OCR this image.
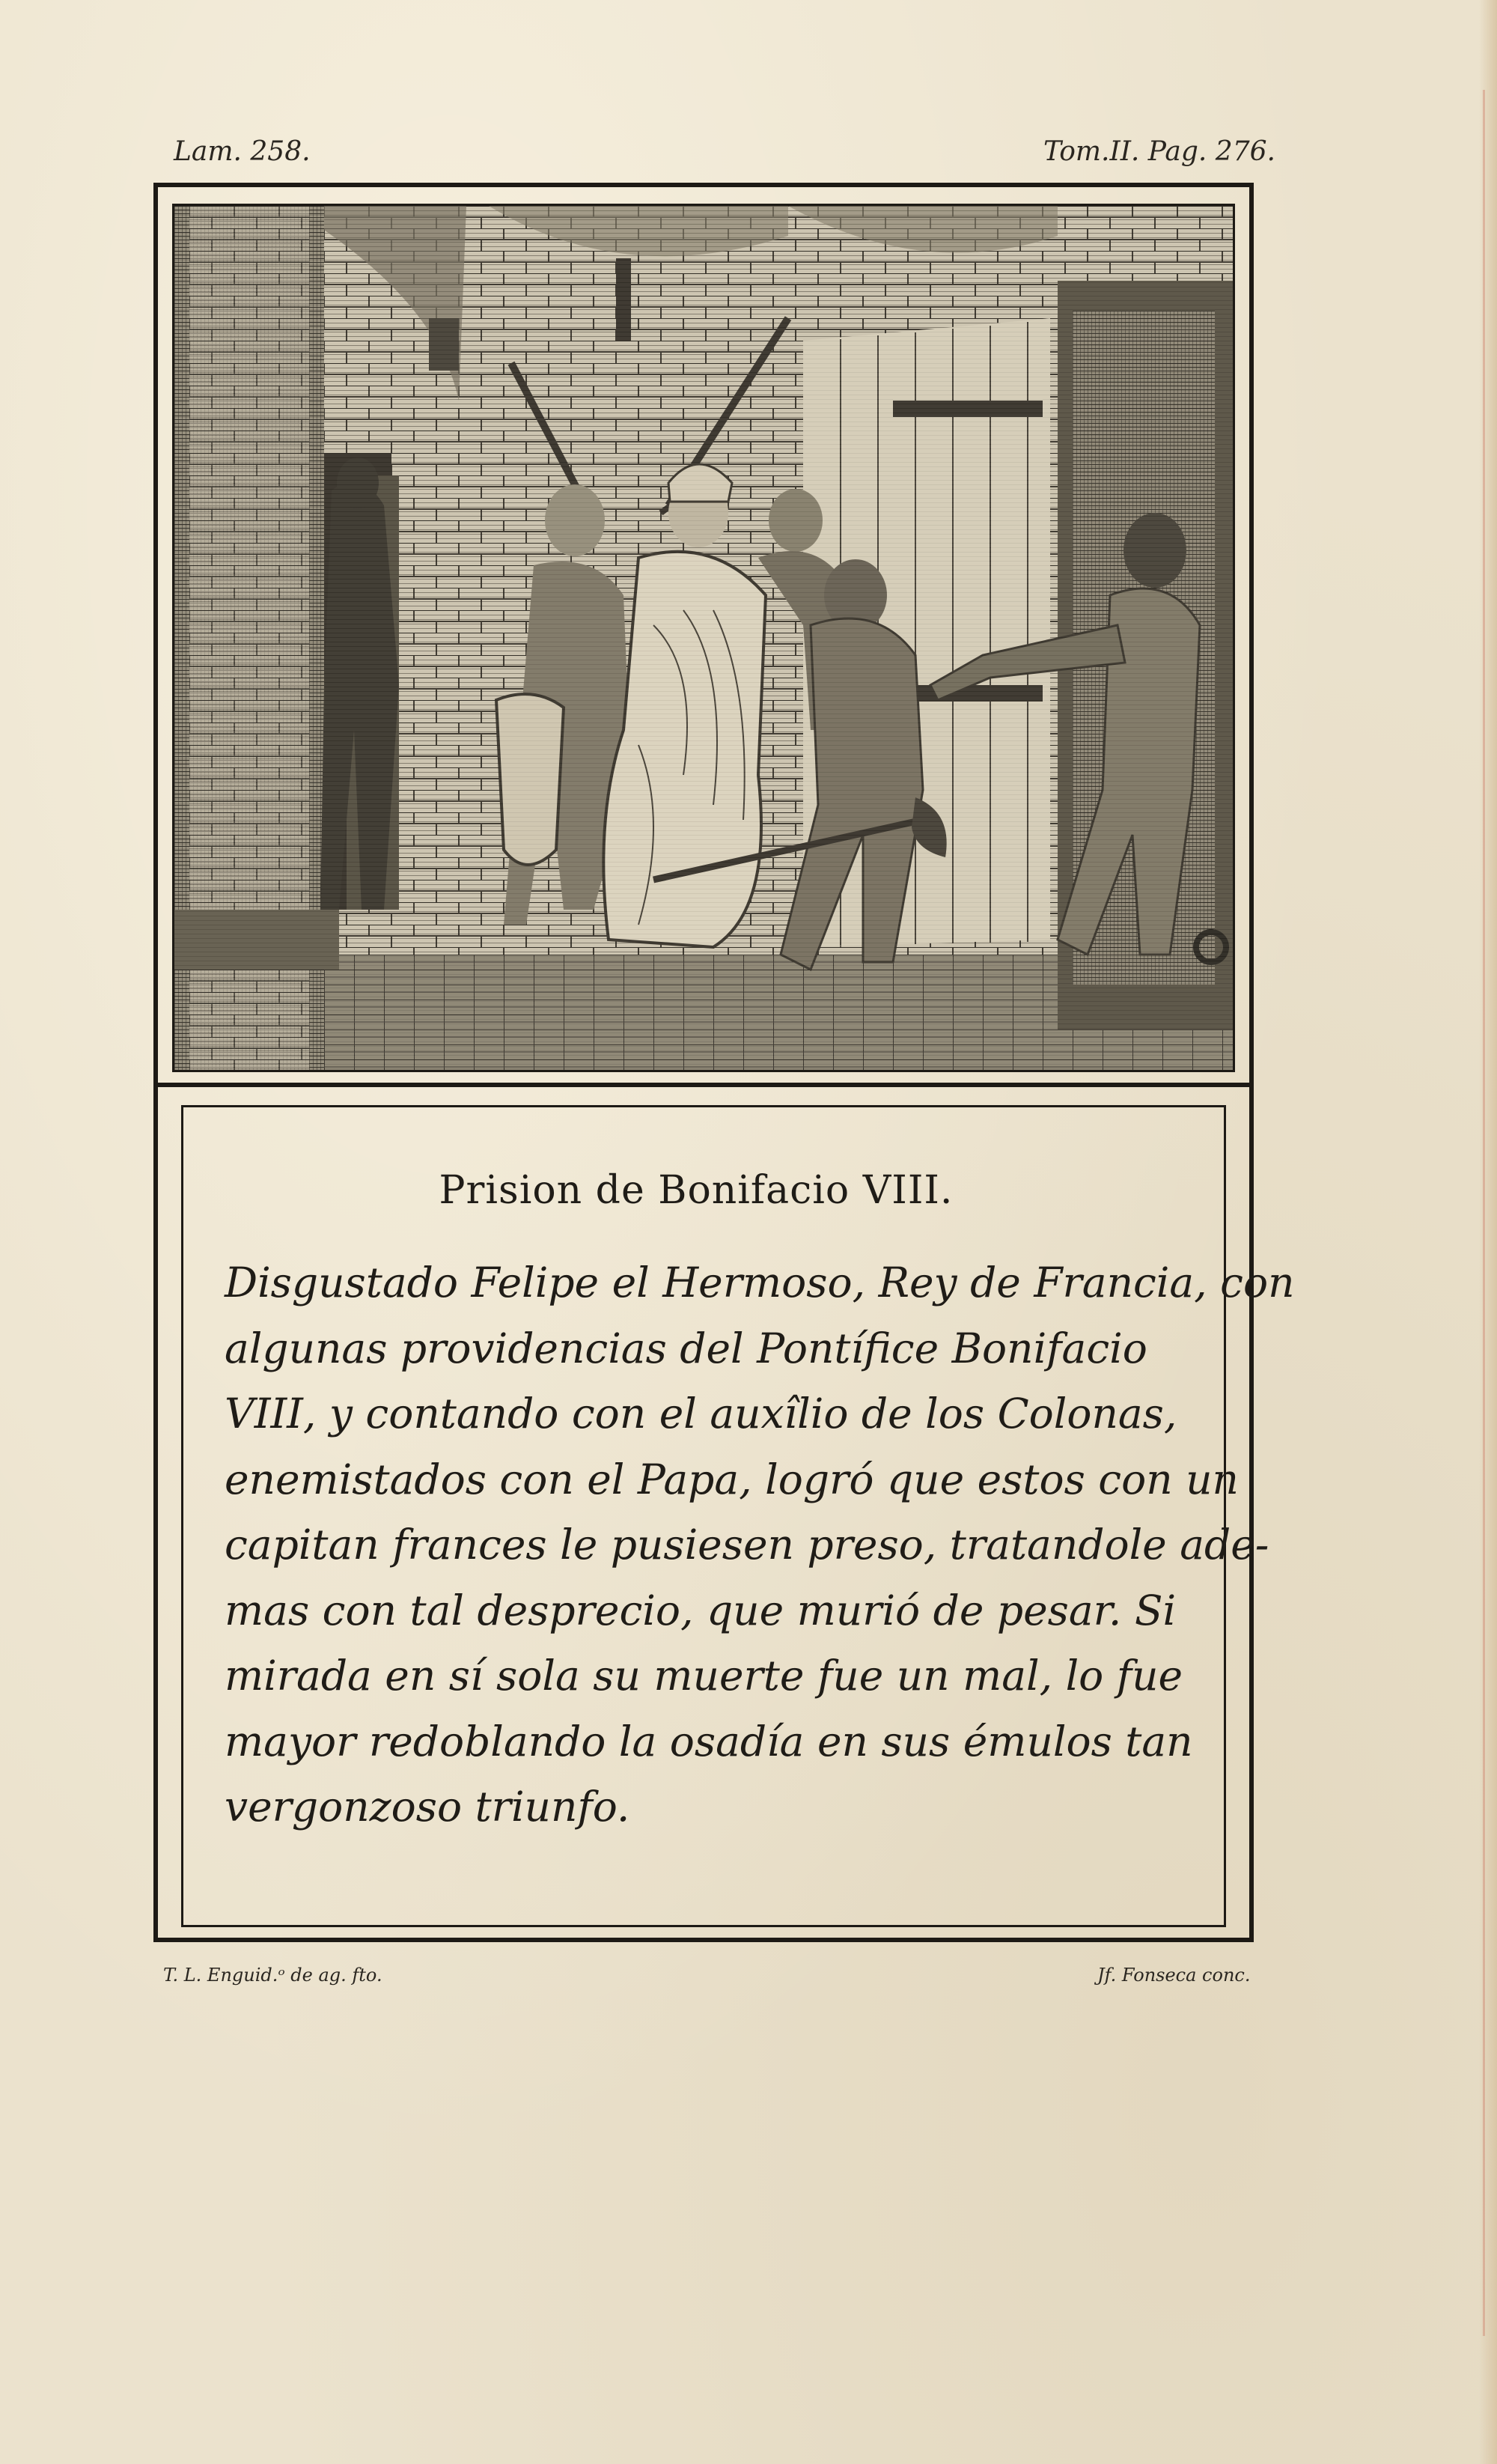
Lam. 258.	Tom.II. Pag. 276.
Prision de Bonifacio VIII.
Disgustado Felipe el Hermoso, Rey de Francia, con
algunas providencias del Pontífice Bonifacio
VIII, y contando con el auxîlio de los Colonas,
enemistados con el Papa, logró que estos con un
capitan frances le pusiesen preso, tratandole ade-
mas con tal desprecio, que murió de pesar. Si
mirada en sí sola su muerte fue un mal, lo fue
mayor redoblando la osadía en sus émulos tan
vergonzoso triunfo.
T. L. Enguid.ᵒ de ag. fto.	Jf. Fonseca conc.
